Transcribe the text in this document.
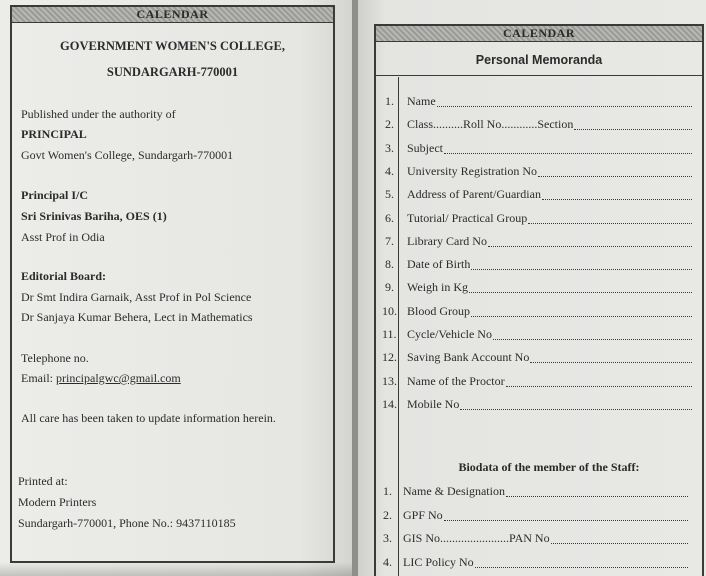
CALENDAR
GOVERNMENT WOMEN'S COLLEGE,
SUNDARGARH-770001
Published under the authority of
PRINCIPAL
Govt Women's College, Sundargarh-770001
Principal I/C
Sri Srinivas Bariha, OES (1)
Asst Prof in Odia
Editorial Board:
Dr Smt Indira Garnaik, Asst Prof in Pol Science
Dr Sanjaya Kumar Behera, Lect in Mathematics
Telephone no.
Email: principalgwc@gmail.com
All care has been taken to update information herein.
Printed at:
Modern Printers
Sundargarh-770001, Phone No.: 9437110185
CALENDAR
Personal Memoranda
1. Name
2. Class..........Roll No............Section
3. Subject
4. University Registration No
5. Address of Parent/Guardian
6. Tutorial/ Practical Group
7. Library Card No
8. Date of Birth
9. Weigh in Kg
10. Blood Group
11. Cycle/Vehicle No
12. Saving Bank Account No
13. Name of the Proctor
14. Mobile No
Biodata of the member of the Staff:
1. Name & Designation
2. GPF No
3. GIS No.......................PAN No
4. LIC Policy No
